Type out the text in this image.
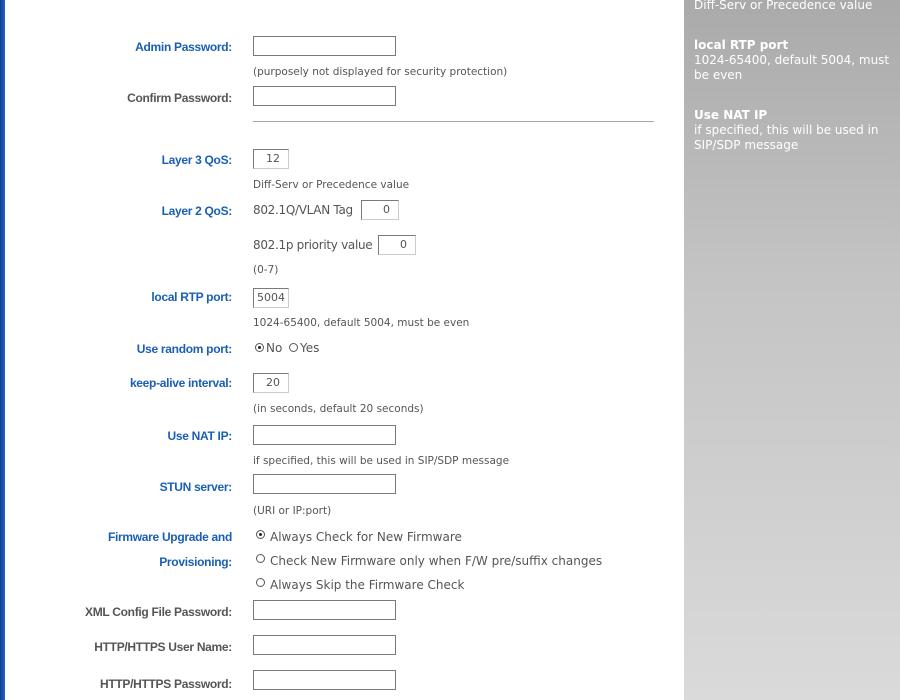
Diff-Serv or Precedence value
local RTP port
1024-65400, default 5004, must be even
Use NAT IP
if specified, this will be used in SIP/SDP message
Admin Password:
(purposely not displayed for security protection)
Confirm Password:
Layer 3 QoS:	12
Diff-Serv or Precedence value
Layer 2 QoS: 802.1Q/VLAN Tag	0
802.1p priority value	0
(0-7)
local RTP port:	5004
1024-65400, default 5004, must be even
Use random port:	No Yes
keep-alive interval:	20
(in seconds, default 20 seconds)
Use NAT IP:
if specified, this will be used in SIP/SDP message
STUN server:
(URI or IP:port)
Firmware Upgrade and
Provisioning:
Always Check for New Firmware
Check New Firmware only when F/W pre/suffix changes
Always Skip the Firmware Check
XML Config File Password:
HTTP/HTTPS User Name:
HTTP/HTTPS Password:
